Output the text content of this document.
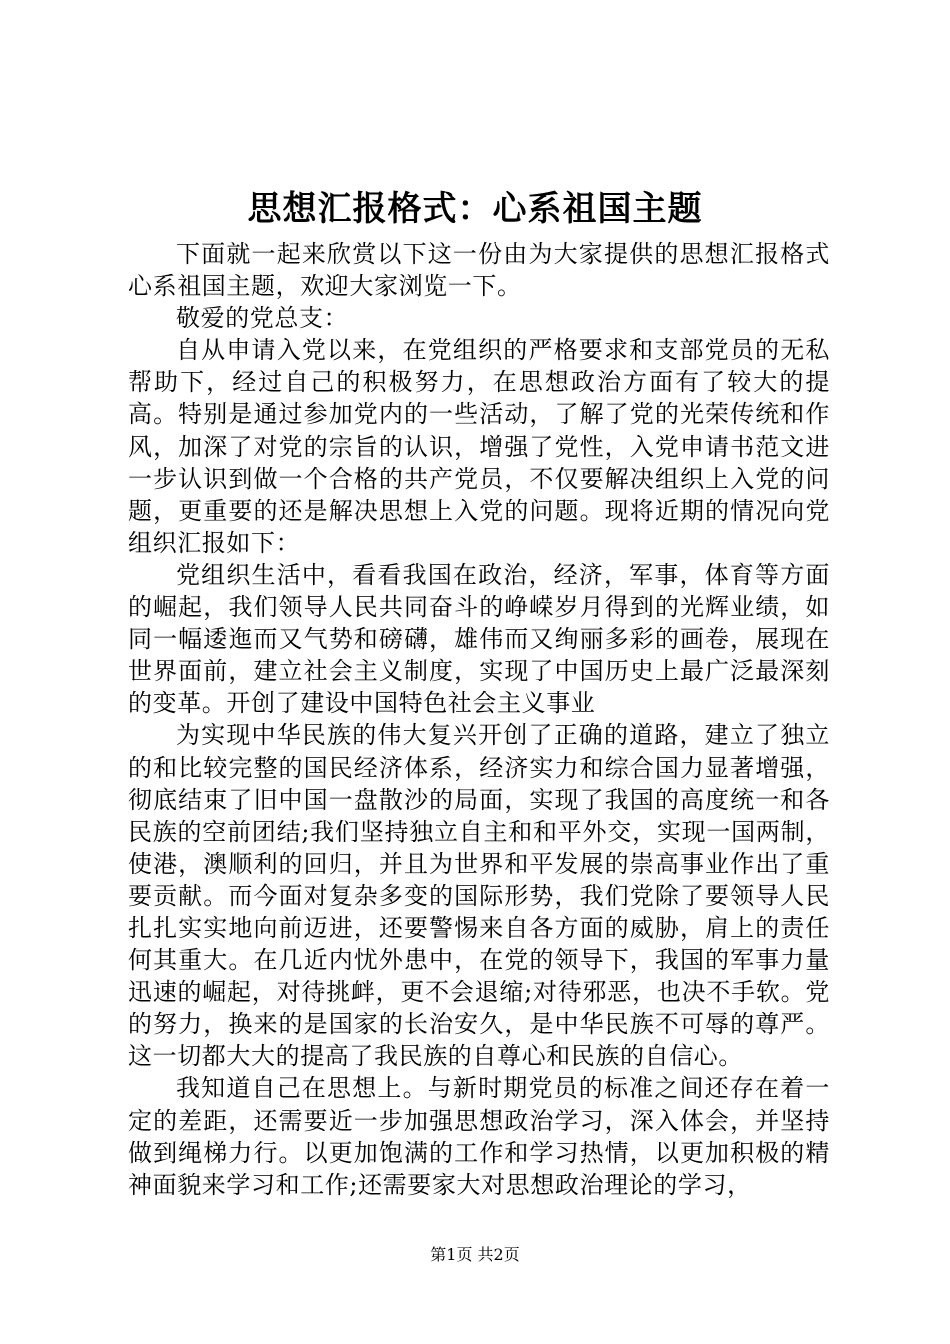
思想汇报格式：心系祖国主题

下面就一起来欣赏以下这一份由为大家提供的思想汇报格式心系祖国主题，欢迎大家浏览一下。

敬爱的党总支：

自从申请入党以来，在党组织的严格要求和支部党员的无私帮助下，经过自己的积极努力，在思想政治方面有了较大的提高。特别是通过参加党内的一些活动，了解了党的光荣传统和作风，加深了对党的宗旨的认识，增强了党性，入党申请书范文进一步认识到做一个合格的共产党员，不仅要解决组织上入党的问题，更重要的还是解决思想上入党的问题。现将近期的情况向党组织汇报如下：

党组织生活中，看看我国在政治，经济，军事，体育等方面的崛起，我们领导人民共同奋斗的峥嵘岁月得到的光辉业绩，如同一幅逶迤而又气势和磅礴，雄伟而又绚丽多彩的画卷，展现在世界面前，建立社会主义制度，实现了中国历史上最广泛最深刻的变革。开创了建设中国特色社会主义事业

为实现中华民族的伟大复兴开创了正确的道路，建立了独立的和比较完整的国民经济体系，经济实力和综合国力显著增强，彻底结束了旧中国一盘散沙的局面，实现了我国的高度统一和各民族的空前团结;我们坚持独立自主和和平外交，实现一国两制，使港，澳顺利的回归，并且为世界和平发展的崇高事业作出了重要贡献。而今面对复杂多变的国际形势，我们党除了要领导人民扎扎实实地向前迈进，还要警惕来自各方面的威胁，肩上的责任何其重大。在几近内忧外患中，在党的领导下，我国的军事力量迅速的崛起，对待挑衅，更不会退缩;对待邪恶，也决不手软。党的努力，换来的是国家的长治安久，是中华民族不可辱的尊严。这一切都大大的提高了我民族的自尊心和民族的自信心。

我知道自己在思想上。与新时期党员的标准之间还存在着一定的差距，还需要近一步加强思想政治学习，深入体会，并坚持做到绳梯力行。以更加饱满的工作和学习热情，以更加积极的精神面貌来学习和工作;还需要家大对思想政治理论的学习，

第1页 共2页
